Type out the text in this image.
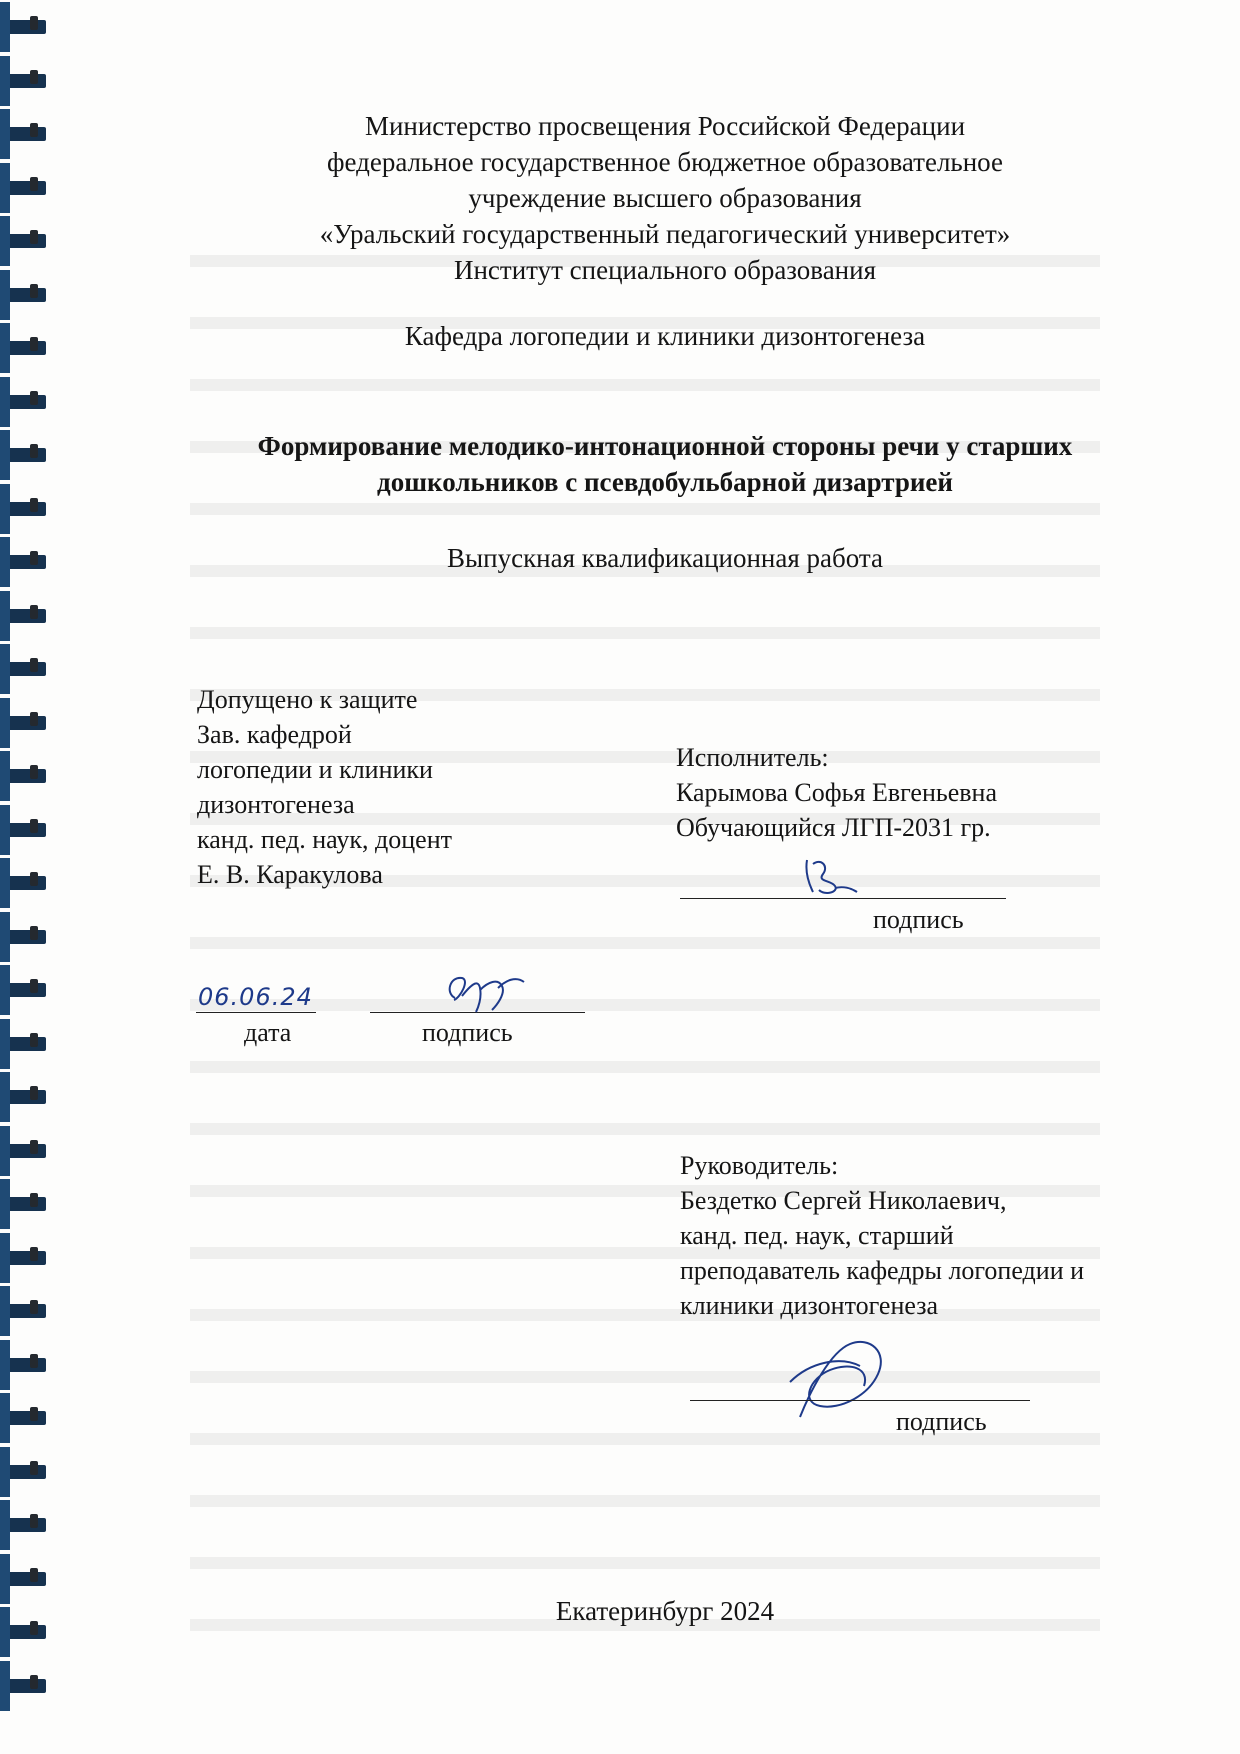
Министерство просвещения Российской Федерации
федеральное государственное бюджетное образовательное
учреждение высшего образования
«Уральский государственный педагогический университет»
Институт специального образования
Кафедра логопедии и клиники дизонтогенеза
Формирование мелодико-интонационной стороны речи у старших
дошкольников с псевдобульбарной дизартрией
Выпускная квалификационная работа
Допущено к защите
Зав. кафедрой
логопедии и клиники
дизонтогенеза
канд. пед. наук, доцент
Е. В. Каракулова
06.06.24
дата	подпись
Исполнитель:
Карымова Софья Евгеньевна
Обучающийся ЛГП-2031 гр.
подпись
Руководитель:
Бездетко Сергей Николаевич,
канд. пед. наук, старший
преподаватель кафедры логопедии и
клиники дизонтогенеза
подпись
Екатеринбург 2024
